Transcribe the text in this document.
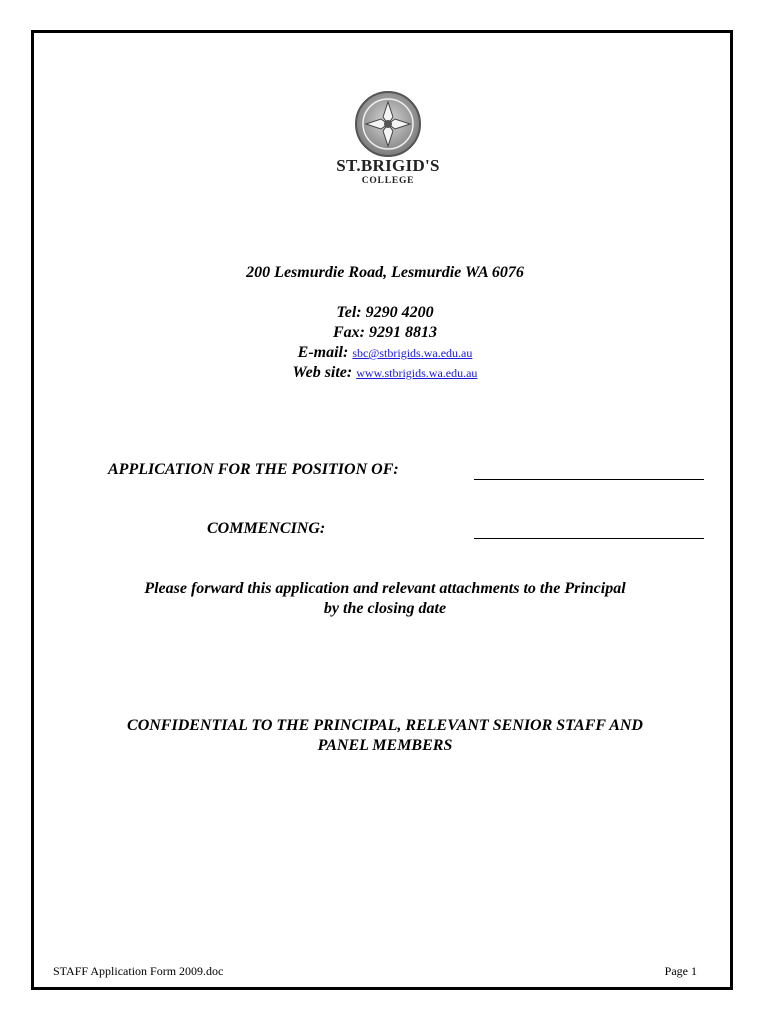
ST.BRIGID'S
COLLEGE
200 Lesmurdie Road, Lesmurdie WA 6076
Tel: 9290 4200
Fax: 9291 8813
E-mail: sbc@stbrigids.wa.edu.au
Web site: www.stbrigids.wa.edu.au
APPLICATION FOR THE POSITION OF:
COMMENCING:
Please forward this application and relevant attachments to the Principal
by the closing date
CONFIDENTIAL TO THE PRINCIPAL, RELEVANT SENIOR STAFF AND
PANEL MEMBERS
STAFF Application Form 2009.doc	Page 1
